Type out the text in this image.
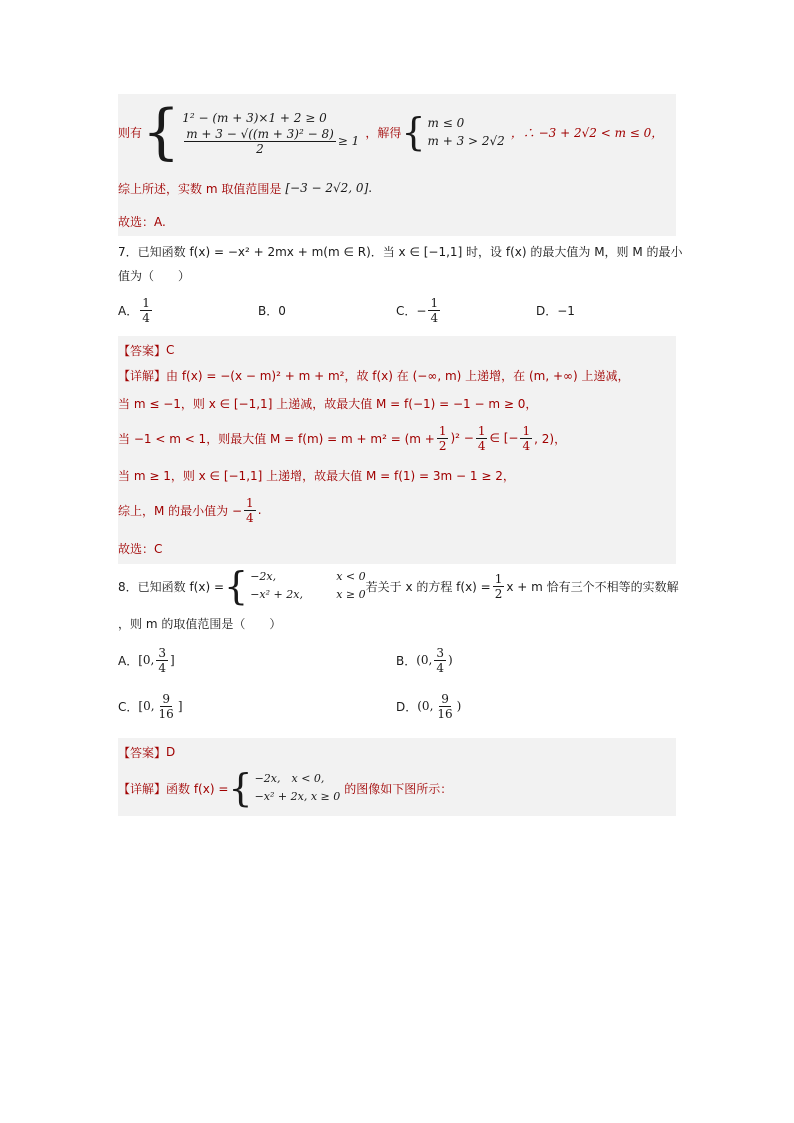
则有 { 1² − (m + 3)×1 + 2 ≥ 0
$\frac{\text{m + 3 − √((m + 3)² − 8)}}{2} \ge 1$
，解得 { m ≤ 0
m + 3 > 2√2
，∴ −3 + 2√2 < m ≤ 0，
综上所述，实数 m 取值范围是 [−3 − 2√2, 0] .
故选：A.
7．已知函数 f(x) = −x² + 2mx + m(m ∈ R)．当 x ∈ [−1,1] 时，设 f(x) 的最大值为 M，则 M 的最小
值为（　　）
A． $\frac{1}{4}$	B．0	C．− $\frac{1}{4}$	D．−1
【答案】 C
【详解】 由 f(x) = −(x − m)² + m + m²，故 f(x) 在 (−∞, m) 上递增，在 (m, +∞) 上递减，
当 m ≤ −1，则 x ∈ [−1,1] 上递减，故最大值 M = f(−1) = −1 − m ≥ 0，
当 −1 < m < 1，则最大值 $M = f(m) = m + m^2 = (m + \frac{1}{2} )^2 - \frac{1}{4}$ ∈ [− $\frac{1}{4}$ , 2)，
当 m ≥ 1，则 x ∈ [−1,1] 上递增，故最大值 M = f(1) = 3m − 1 ≥ 2，
综上，M 的最小值为 − $\frac{1}{4}$ .
故选：C
8．已知函数 f(x) = { −2x,	x < 0
−x² + 2x,	x ≥ 0
若关于 x 的方程 $f(x) = \frac{1}{2}$ x + m 恰有三个不相等的实数解
，则 m 的取值范围是（　　）
A． [0, $\frac{3}{4}$ ]	B． (0, $\frac{3}{4}$ )
C． [0, $\frac{9}{16}$ ]	D． (0, $\frac{9}{16}$ )
【答案】 D
【详解】 函数 f(x) = { −2x,　x < 0,
−x² + 2x, x ≥ 0
的图像如下图所示：
